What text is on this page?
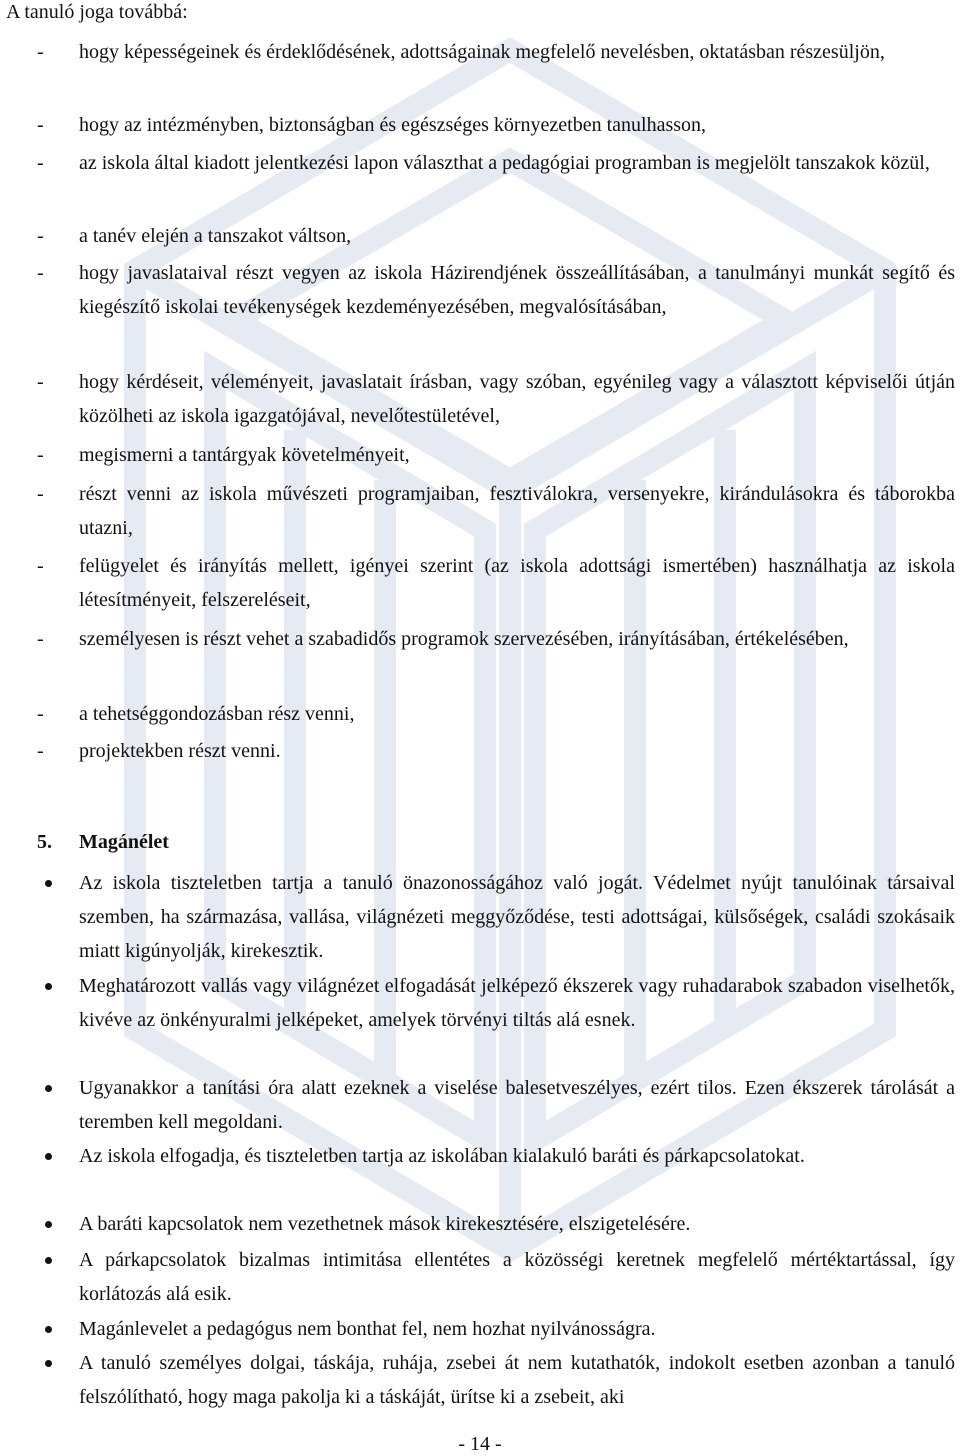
A tanuló joga továbbá:

-	hogy képességeinek és érdeklődésének, adottságainak megfelelő nevelésben, oktatásban részesüljön,
-	hogy az intézményben, biztonságban és egészséges környezetben tanulhasson,
-	az iskola által kiadott jelentkezési lapon választhat a pedagógiai programban is megjelölt tanszakok közül,
-	a tanév elején a tanszakot váltson,
-	hogy javaslataival részt vegyen az iskola Házirendjének összeállításában, a tanulmányi munkát segítő és kiegészítő iskolai tevékenységek kezdeményezésében, megvalósításában,
-	hogy kérdéseit, véleményeit, javaslatait írásban, vagy szóban, egyénileg vagy a választott képviselői útján közölheti az iskola igazgatójával, nevelőtestületével,
-	megismerni a tantárgyak követelményeit,
-	részt venni az iskola művészeti programjaiban, fesztiválokra, versenyekre, kirándulásokra és táborokba utazni,
-	felügyelet és irányítás mellett, igényei szerint (az iskola adottsági ismertében) használhatja az iskola létesítményeit, felszereléseit,
-	személyesen is részt vehet a szabadidős programok szervezésében, irányításában, értékelésében,
-	a tehetséggondozásban rész venni,
-	projektekben részt venni.
5. Magánélet
Az iskola tiszteletben tartja a tanuló önazonosságához való jogát. Védelmet nyújt tanulóinak társaival szemben, ha származása, vallása, világnézeti meggyőződése, testi adottságai, külsőségek, családi szokásaik miatt kigúnyolják, kirekesztik.
Meghatározott vallás vagy világnézet elfogadását jelképező ékszerek vagy ruhadarabok szabadon viselhetők, kivéve az önkényuralmi jelképeket, amelyek törvényi tiltás alá esnek.
Ugyanakkor a tanítási óra alatt ezeknek a viselése balesetveszélyes, ezért tilos. Ezen ékszerek tárolását a teremben kell megoldani.
Az iskola elfogadja, és tiszteletben tartja az iskolában kialakuló baráti és párkapcsolatokat.
A baráti kapcsolatok nem vezethetnek mások kirekesztésére, elszigetelésére.
A párkapcsolatok bizalmas intimitása ellentétes a közösségi keretnek megfelelő mértéktartással, így korlátozás alá esik.
Magánlevelet a pedagógus nem bonthat fel, nem hozhat nyilvánosságra.
A tanuló személyes dolgai, táskája, ruhája, zsebei át nem kutathatók, indokolt esetben azonban a tanuló felszólítható, hogy maga pakolja ki a táskáját, ürítse ki a zsebeit, aki
- 14 -
